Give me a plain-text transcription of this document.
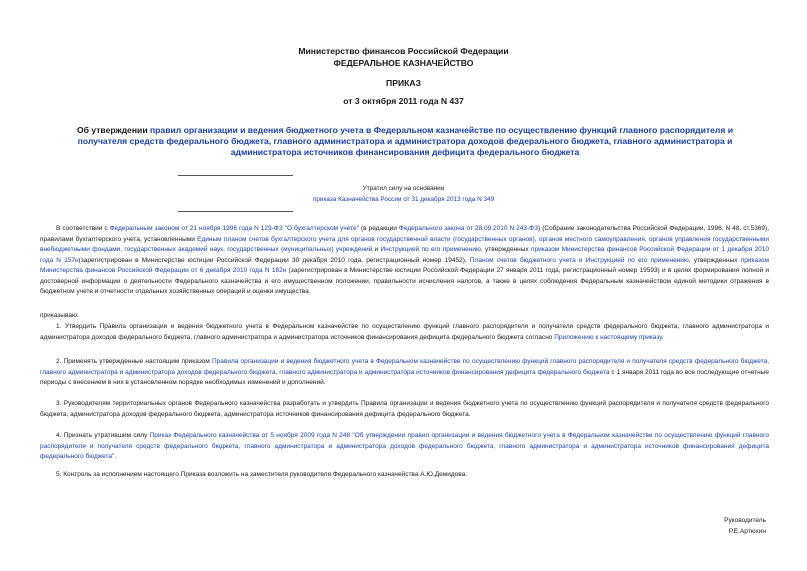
Министерство финансов Российской Федерации
ФЕДЕРАЛЬНОЕ КАЗНАЧЕЙСТВО
ПРИКАЗ
от 3 октября 2011 года N 437
Об утверждении правил организации и ведения бюджетного учета в Федеральном казначействе по осуществлению функций главного распорядителя и получателя средств федерального бюджета, главного администратора и администратора доходов федерального бюджета, главного администратора и администратора источников финансирования дефицита федерального бюджета
Утратил силу на основании
приказа Казначейства России от 31 декабря 2013 года N 349
В соответствии с Федеральным законом от 21 ноября 1996 года N 129-ФЗ "О бухгалтерском учете" (в редакции Федерального закона от 28.09.2010 N 243-ФЗ) (Собрание законодательства Российской Федерации, 1996, N 48, ст.5369), правилами бухгалтерского учета, установленными Единым планом счетов бухгалтерского учета для органов государственной власти (государственных органов), органов местного самоуправления, органов управления государственными внебюджетными фондами, государственных академий наук, государственных (муниципальных) учреждений и Инструкцией по его применению, утвержденных приказом Министерства финансов Российской Федерации от 1 декабря 2010 года N 157н(зарегистрирован в Министерстве юстиции Российской Федерации 30 декабря 2010 года, регистрационный номер 19452), Планом счетов бюджетного учета и Инструкцией по его применению, утвержденных приказом Министерства финансов Российской Федерации от 6 декабря 2010 года N 162н (зарегистрирован в Министерстве юстиции Российской Федерации 27 января 2011 года, регистрационный номер 19593) и в целях формирования полной и достоверной информации о деятельности Федерального казначейства и его имущественном положении, правильности исчисления налогов, а также в целях соблюдения Федеральным казначейством единой методики отражения в бюджетном учете и отчетности отдельных хозяйственных операций и оценки имущества
приказываю:
1. Утвердить Правила организации и ведения бюджетного учета в Федеральном казначействе по осуществлению функций главного распорядителя и получателя средств федерального бюджета, главного администратора и администратора доходов федерального бюджета, главного администратора и администратора источников финансирования дефицита федерального бюджета согласно Приложению к настоящему приказу.
2. Применять утвержденные настоящим приказом Правила организации и ведения бюджетного учета в Федеральном казначействе по осуществлению функций главного распорядителя и получателя средств федерального бюджета, главного администратора и администратора доходов федерального бюджета, главного администратора и администратора источников финансирования дефицита федерального бюджета с 1 января 2011 года во все последующие отчетные периоды с внесением в них в установленном порядке необходимых изменений и дополнений.
3. Руководителям территориальных органов Федерального казначейства разработать и утвердить Правила организации и ведения бюджетного учета по осуществлению функций распорядителя и получателя средств федерального бюджета, администратора доходов федерального бюджета, администратора источников финансирования дефицита федерального бюджета.
4. Признать утратившим силу Приказ Федерального казначейства от 5 ноября 2009 года N 248 "Об утверждении правил организации и ведения бюджетного учета в Федеральном казначействе по осуществлению функций главного распорядителя и получателя средств федерального бюджета, главного администратора и администратора доходов федерального бюджета, главного администратора и администратора источников финансирования дефицита федерального бюджета".
5. Контроль за исполнением настоящего Приказа возложить на заместителя руководителя Федерального казначейства А.Ю.Демидова.
Руководитель
Р.Е.Артюхин
